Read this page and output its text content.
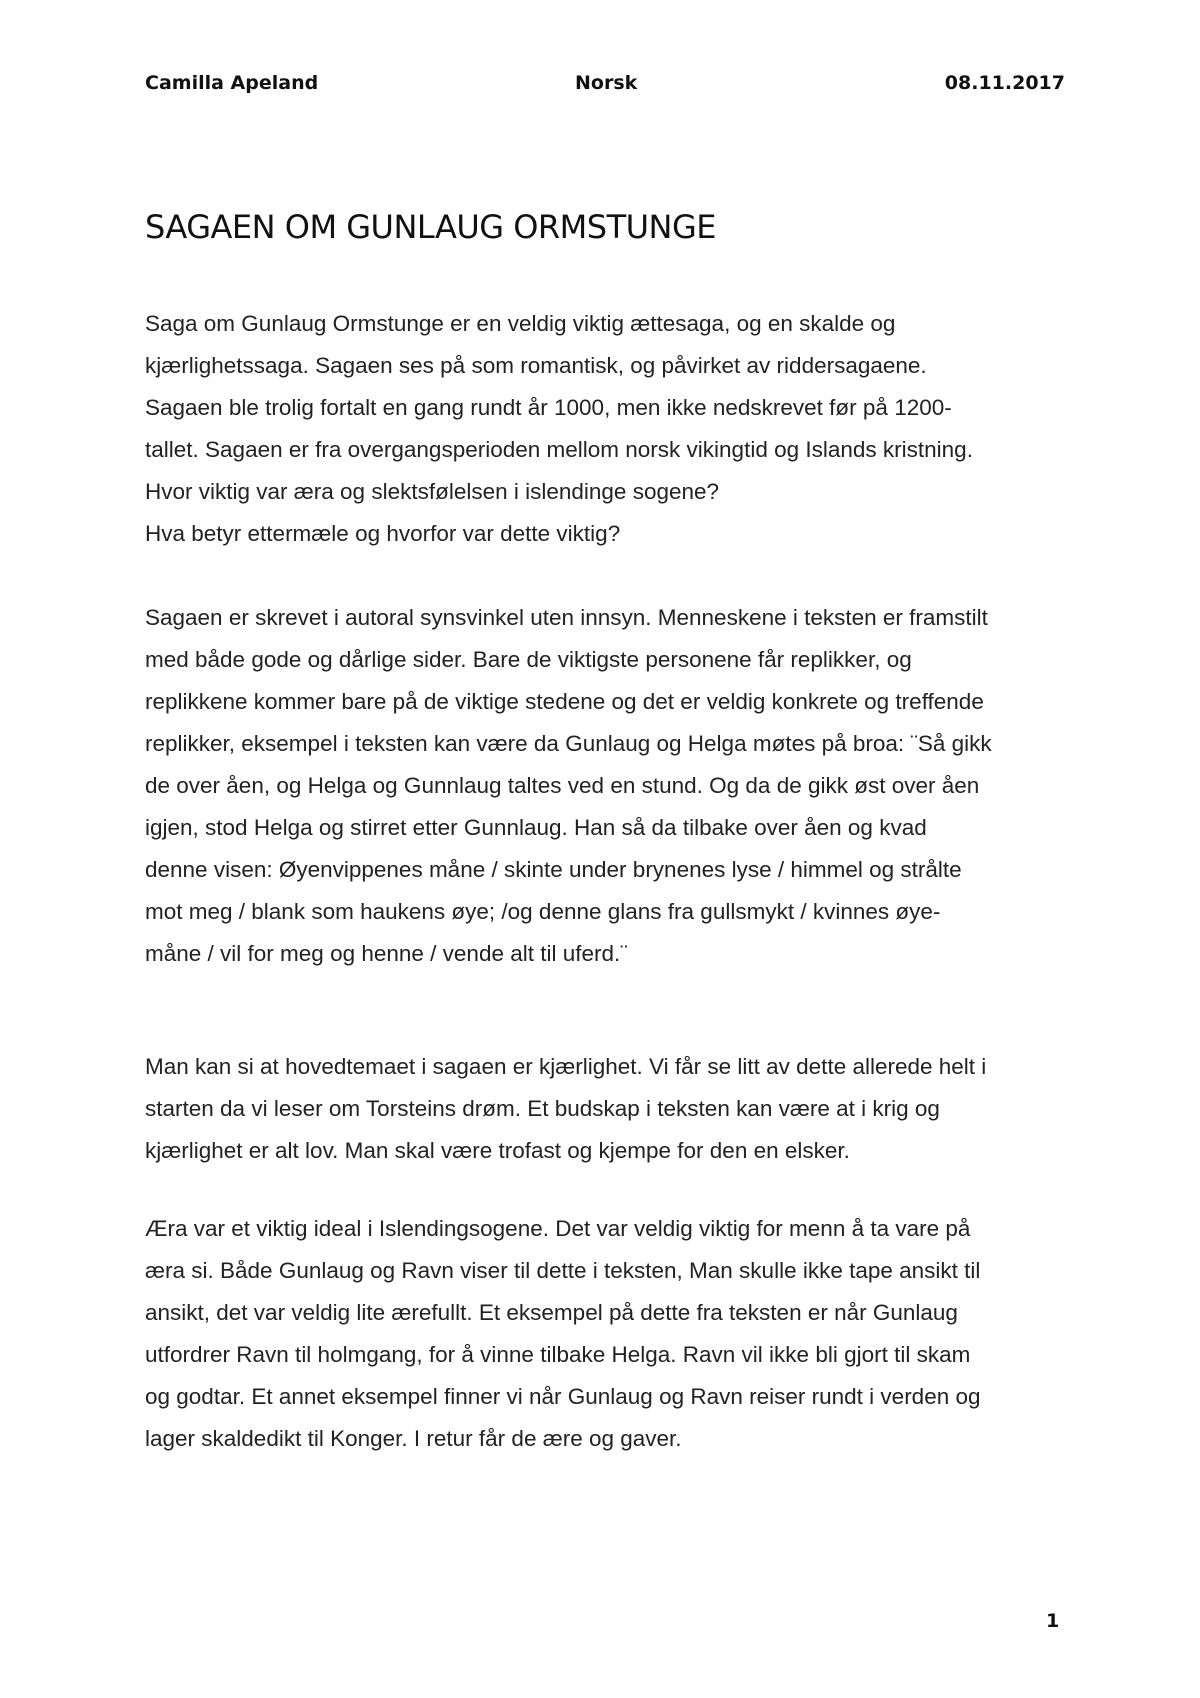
Camilla Apeland	Norsk	08.11.2017
SAGAEN OM GUNLAUG ORMSTUNGE

Saga om Gunlaug Ormstunge er en veldig viktig ættesaga, og en skalde og
kjærlighetssaga. Sagaen ses på som romantisk, og påvirket av riddersagaene.
Sagaen ble trolig fortalt en gang rundt år 1000, men ikke nedskrevet før på 1200-
tallet. Sagaen er fra overgangsperioden mellom norsk vikingtid og Islands kristning.
Hvor viktig var æra og slektsfølelsen i islendinge sogene?
Hva betyr ettermæle og hvorfor var dette viktig?

Sagaen er skrevet i autoral synsvinkel uten innsyn. Menneskene i teksten er framstilt
med både gode og dårlige sider. Bare de viktigste personene får replikker, og
replikkene kommer bare på de viktige stedene og det er veldig konkrete og treffende
replikker, eksempel i teksten kan være da Gunlaug og Helga møtes på broa: ¨Så gikk
de over åen, og Helga og Gunnlaug taltes ved en stund. Og da de gikk øst over åen
igjen, stod Helga og stirret etter Gunnlaug. Han så da tilbake over åen og kvad
denne visen: Øyenvippenes måne / skinte under brynenes lyse / himmel og strålte
mot meg / blank som haukens øye; /og denne glans fra gullsmykt / kvinnes øye-
måne / vil for meg og henne / vende alt til uferd.¨

Man kan si at hovedtemaet i sagaen er kjærlighet. Vi får se litt av dette allerede helt i
starten da vi leser om Torsteins drøm. Et budskap i teksten kan være at i krig og
kjærlighet er alt lov. Man skal være trofast og kjempe for den en elsker.

Æra var et viktig ideal i Islendingsogene. Det var veldig viktig for menn å ta vare på
æra si. Både Gunlaug og Ravn viser til dette i teksten, Man skulle ikke tape ansikt til
ansikt, det var veldig lite ærefullt. Et eksempel på dette fra teksten er når Gunlaug
utfordrer Ravn til holmgang, for å vinne tilbake Helga. Ravn vil ikke bli gjort til skam
og godtar. Et annet eksempel finner vi når Gunlaug og Ravn reiser rundt i verden og
lager skaldedikt til Konger. I retur får de ære og gaver.

1
